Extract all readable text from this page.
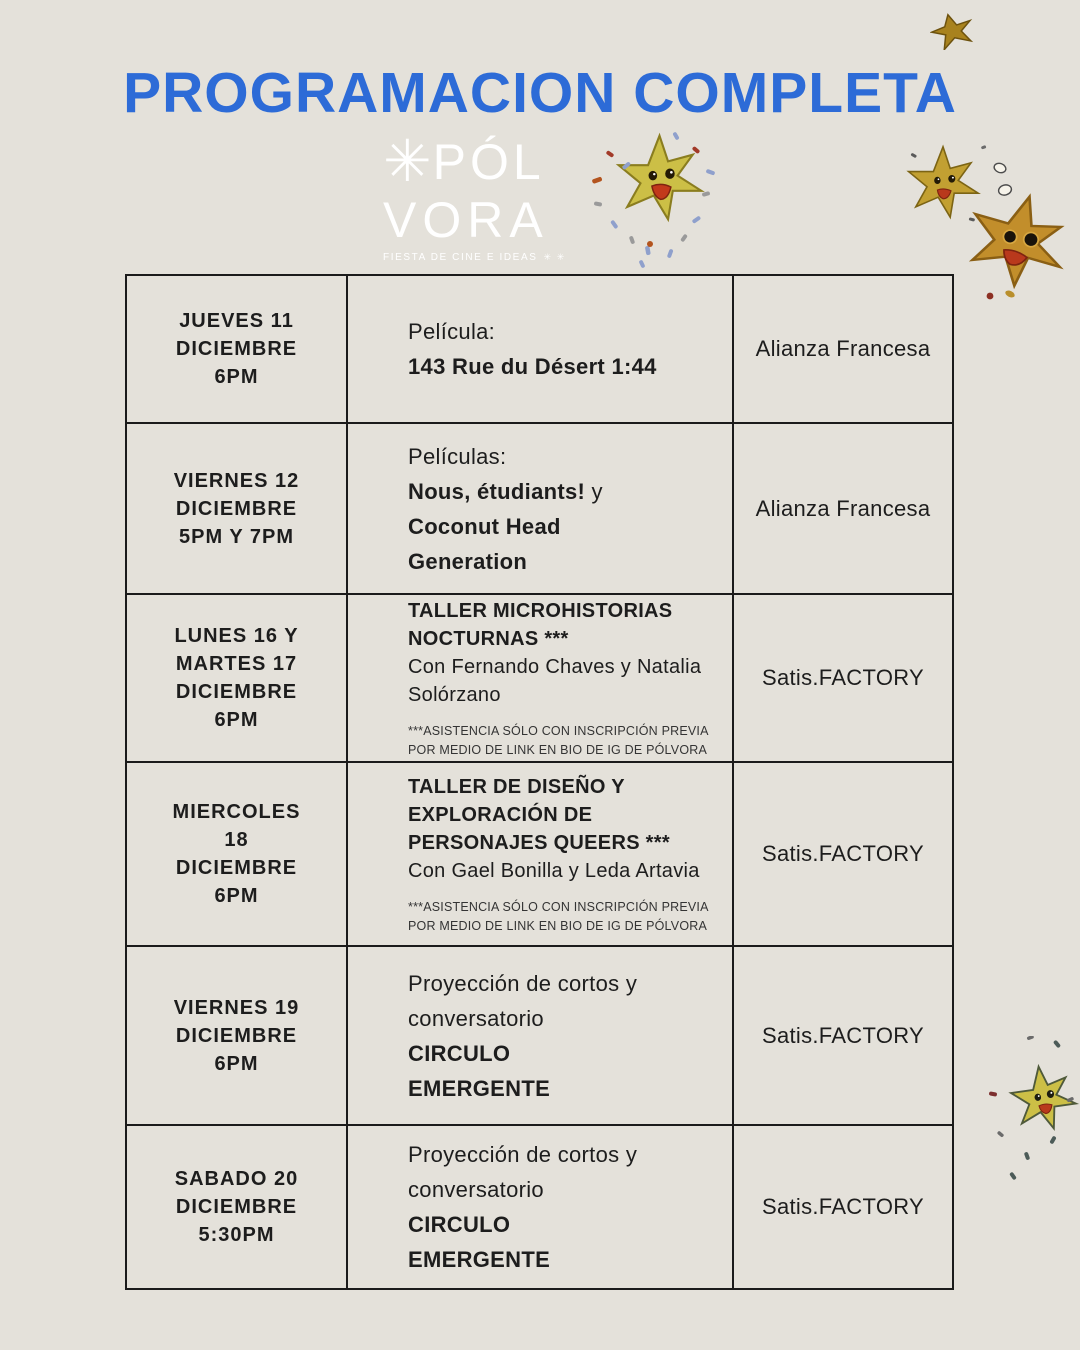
PROGRAMACION COMPLETA
✳ PÓL
VORA
FIESTA DE CINE E IDEAS ✳ ✳
JUEVES 11
DICIEMBRE
6PM

Película:
143 Rue du Désert 1:44
	Alianza Francesa

VIERNES 12
DICIEMBRE
5PM Y 7PM

Películas:
Nous, étudiants! y
Coconut Head
Generation
	Alianza Francesa

LUNES 16 Y
MARTES 17
DICIEMBRE
6PM

TALLER MICROHISTORIAS
NOCTURNAS ***
Con Fernando Chaves y Natalia
Solórzano
***ASISTENCIA SÓLO CON INSCRIPCIÓN PREVIA
POR MEDIO DE LINK EN BIO DE IG DE PÓLVORA
	Satis.FACTORY

MIERCOLES
18
DICIEMBRE
6PM

TALLER DE DISEÑO Y
EXPLORACIÓN DE
PERSONAJES QUEERS ***
Con Gael Bonilla y Leda Artavia
***ASISTENCIA SÓLO CON INSCRIPCIÓN PREVIA
POR MEDIO DE LINK EN BIO DE IG DE PÓLVORA
	Satis.FACTORY

VIERNES 19
DICIEMBRE
6PM

Proyección de cortos y
conversatorio
CIRCULO
EMERGENTE
	Satis.FACTORY

SABADO 20
DICIEMBRE
5:30PM

Proyección de cortos y
conversatorio
CIRCULO
EMERGENTE
	Satis.FACTORY
